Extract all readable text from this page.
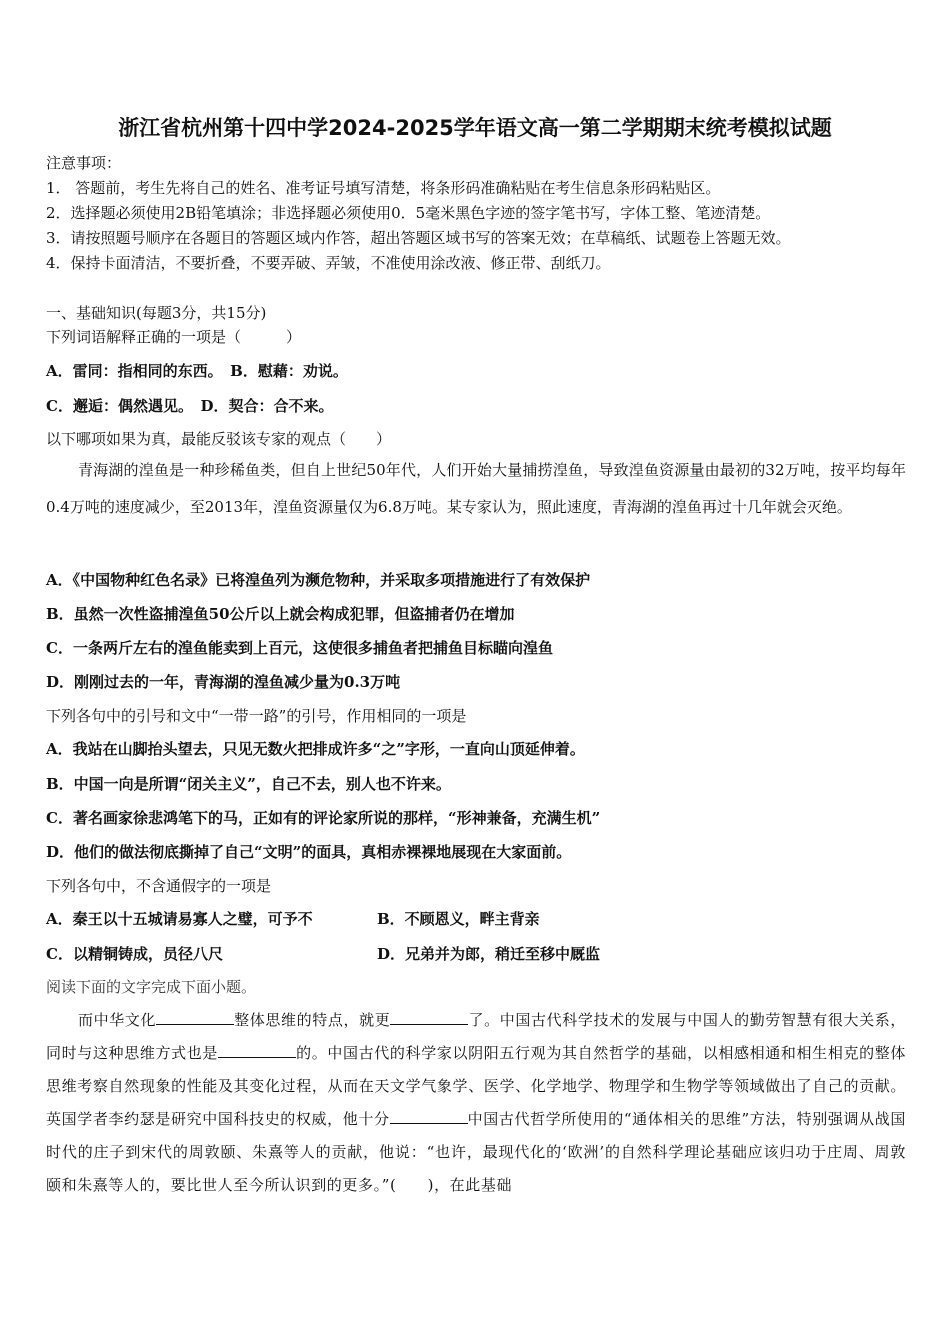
浙江省杭州第十四中学2024-2025学年语文高一第二学期期末统考模拟试题
注意事项：
1． 答题前，考生先将自己的姓名、准考证号填写清楚，将条形码准确粘贴在考生信息条形码粘贴区。
2．选择题必须使用2B铅笔填涂；非选择题必须使用0．5毫米黑色字迹的签字笔书写，字体工整、笔迹清楚。
3．请按照题号顺序在各题目的答题区域内作答，超出答题区域书写的答案无效；在草稿纸、试题卷上答题无效。
4．保持卡面清洁，不要折叠，不要弄破、弄皱，不准使用涂改液、修正带、刮纸刀。
一、基础知识(每题3分，共15分)
下列词语解释正确的一项是（　　　）
A．雷同：指相同的东西。　B．慰藉：劝说。
C．邂逅：偶然遇见。　D．契合：合不来。
以下哪项如果为真，最能反驳该专家的观点（　　）
青海湖的湟鱼是一种珍稀鱼类，但自上世纪50年代，人们开始大量捕捞湟鱼，导致湟鱼资源量由最初的32万吨，按平均每年0.4万吨的速度减少，至2013年，湟鱼资源量仅为6.8万吨。某专家认为，照此速度，青海湖的湟鱼再过十几年就会灭绝。
A．《中国物种红色名录》已将湟鱼列为濒危物种，并采取多项措施进行了有效保护
B．虽然一次性盗捕湟鱼50公斤以上就会构成犯罪，但盗捕者仍在增加
C．一条两斤左右的湟鱼能卖到上百元，这使很多捕鱼者把捕鱼目标瞄向湟鱼
D．刚刚过去的一年，青海湖的湟鱼减少量为0.3万吨
下列各句中的引号和文中“一带一路”的引号，作用相同的一项是
A．我站在山脚抬头望去，只见无数火把排成许多“之”字形，一直向山顶延伸着。
B．中国一向是所谓“闭关主义”，自己不去，别人也不许来。
C．著名画家徐悲鸿笔下的马，正如有的评论家所说的那样，“形神兼备，充满生机”
D．他们的做法彻底撕掉了自己“文明”的面具，真相赤裸裸地展现在大家面前。
下列各句中，不含通假字的一项是
A．秦王以十五城请易寡人之璧，可予不	B．不顾恩义，畔主背亲
C．以精铜铸成，员径八尺	D．兄弟并为郎，稍迁至移中厩监
阅读下面的文字完成下面小题。
而中华文化	整体思维的特点，就更	了。中国古代科学技术的发展与中国人的勤劳智慧有很大关系，同时与这种思维方式也是	的。中国古代的科学家以阴阳五行观为其自然哲学的基础，以相感相通和相生相克的整体思维考察自然现象的性能及其变化过程，从而在天文学气象学、医学、化学地学、物理学和生物学等领域做出了自己的贡献。英国学者李约瑟是研究中国科技史的权威，他十分	中国古代哲学所使用的“通体相关的思维”方法，特别强调从战国时代的庄子到宋代的周敦颐、朱熹等人的贡献，他说：“也许，最现代化的‘欧洲’的自然科学理论基础应该归功于庄周、周敦颐和朱熹等人的，要比世人至今所认识到的更多。”(　　)，在此基础
